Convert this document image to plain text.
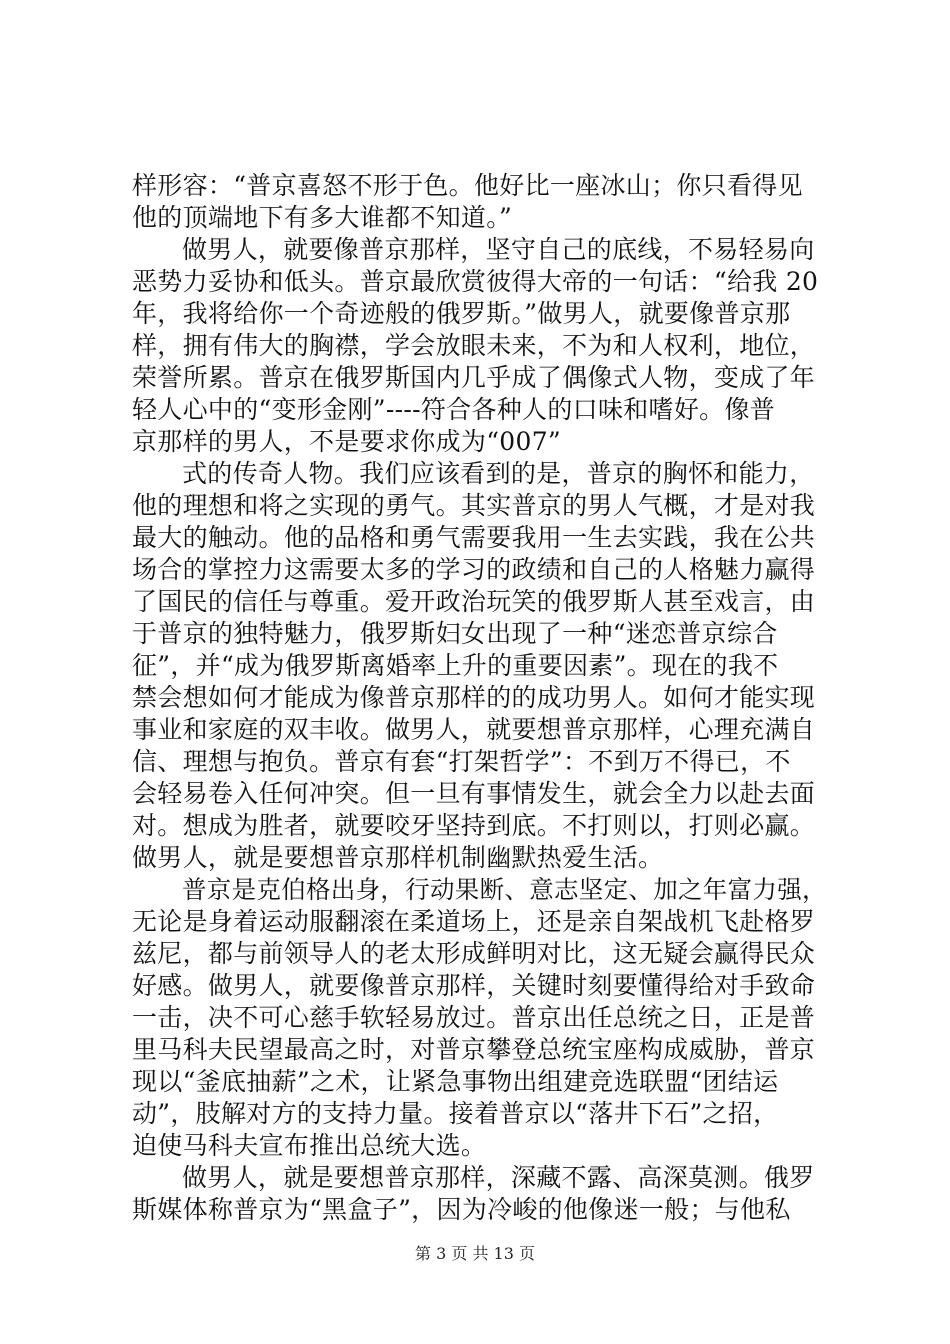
样形容：“普京喜怒不形于色。他好比一座冰山；你只看得见
他的顶端地下有多大谁都不知道。”
做男人，就要像普京那样，坚守自己的底线，不易轻易向
恶势力妥协和低头。普京最欣赏彼得大帝的一句话：“给我 20
年，我将给你一个奇迹般的俄罗斯。”做男人，就要像普京那
样，拥有伟大的胸襟，学会放眼未来，不为和人权利，地位，
荣誉所累。普京在俄罗斯国内几乎成了偶像式人物，变成了年
轻人心中的“变形金刚”----符合各种人的口味和嗜好。像普
京那样的男人，不是要求你成为“007”
式的传奇人物。我们应该看到的是，普京的胸怀和能力，
他的理想和将之实现的勇气。其实普京的男人气概，才是对我
最大的触动。他的品格和勇气需要我用一生去实践，我在公共
场合的掌控力这需要太多的学习的政绩和自己的人格魅力赢得
了国民的信任与尊重。爱开政治玩笑的俄罗斯人甚至戏言，由
于普京的独特魅力，俄罗斯妇女出现了一种“迷恋普京综合
征”，并“成为俄罗斯离婚率上升的重要因素”。现在的我不
禁会想如何才能成为像普京那样的的成功男人。如何才能实现
事业和家庭的双丰收。做男人，就要想普京那样，心理充满自
信、理想与抱负。普京有套“打架哲学”：不到万不得已，不
会轻易卷入任何冲突。但一旦有事情发生，就会全力以赴去面
对。想成为胜者，就要咬牙坚持到底。不打则以，打则必赢。
做男人，就是要想普京那样机制幽默热爱生活。
普京是克伯格出身，行动果断、意志坚定、加之年富力强，
无论是身着运动服翻滚在柔道场上，还是亲自架战机飞赴格罗
兹尼，都与前领导人的老太形成鲜明对比，这无疑会赢得民众
好感。做男人，就要像普京那样，关键时刻要懂得给对手致命
一击，决不可心慈手软轻易放过。普京出任总统之日，正是普
里马科夫民望最高之时，对普京攀登总统宝座构成威胁，普京
现以“釜底抽薪”之术，让紧急事物出组建竞选联盟“团结运
动”，肢解对方的支持力量。接着普京以“落井下石”之招，
迫使马科夫宣布推出总统大选。
做男人，就是要想普京那样，深藏不露、高深莫测。俄罗
斯媒体称普京为“黑盒子”，因为冷峻的他像迷一般；与他私
第 3 页 共 13 页
